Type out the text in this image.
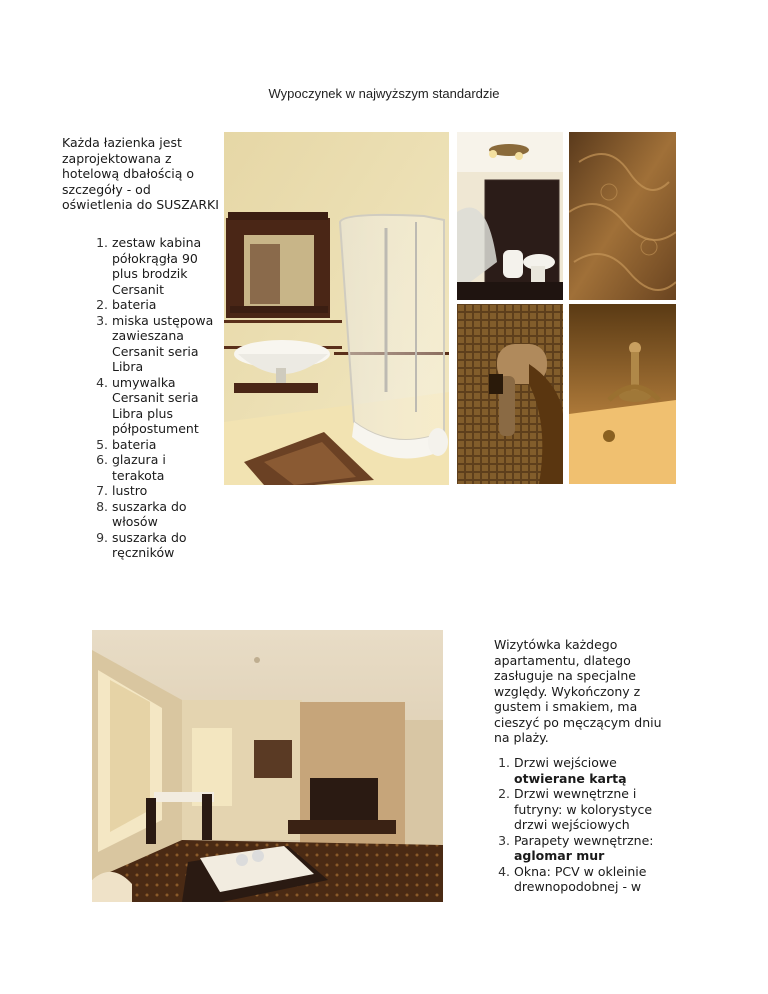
Wypoczynek w najwyższym standardzie
Każda łazienka jest zaprojektowana z hotelową dbałością o szczegóły - od oświetlenia do SUSZARKI
1. zestaw kabina półokrągła 90 plus brodzik Cersanit
2. bateria
3. miska ustępowa zawieszana Cersanit seria Libra
4. umywalka Cersanit seria Libra plus półpostument
5. bateria
6. glazura i terakota
7. lustro
8. suszarka do włosów
9. suszarka do ręczników
Wizytówka każdego apartamentu, dlatego zasługuje na specjalne względy. Wykończony z gustem i smakiem, ma cieszyć po męczącym dniu na plaży.
1. Drzwi wejściowe otwierane kartą
2. Drzwi wewnętrzne i futryny: w kolorystyce drzwi wejściowych
3. Parapety wewnętrzne: aglomar mur
4. Okna: PCV w okleinie drewnopodobnej - w
